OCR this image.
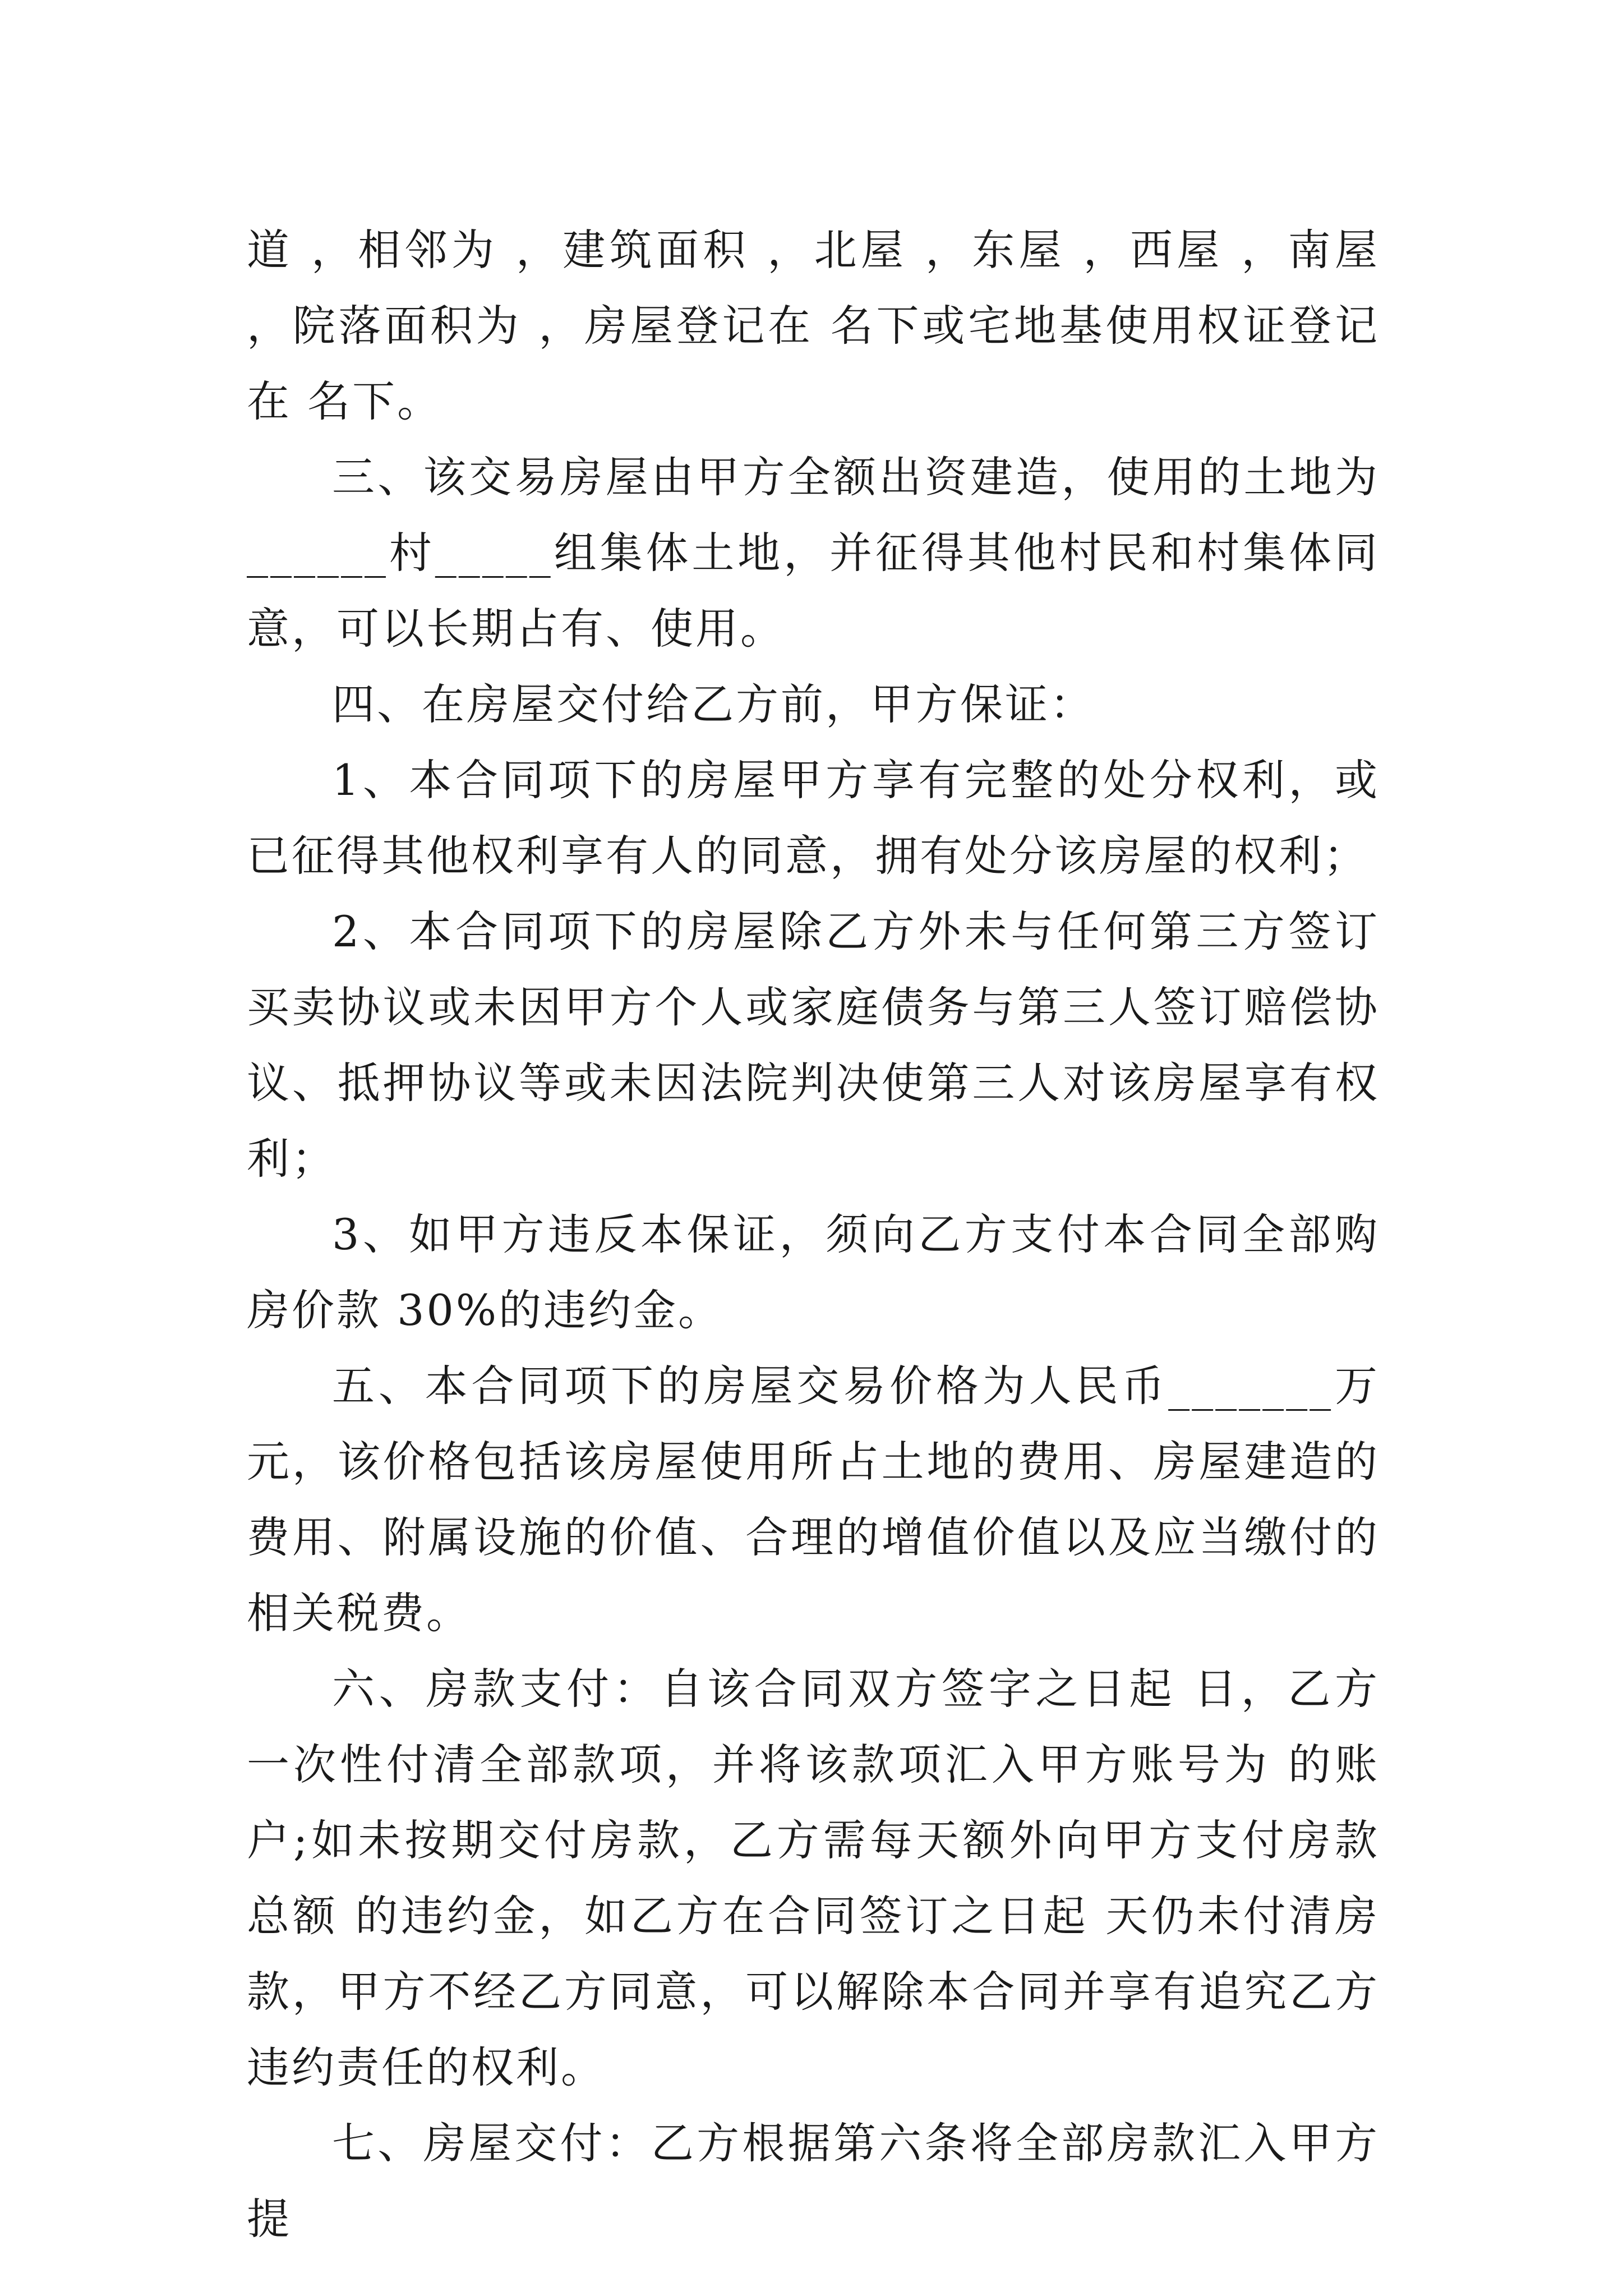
道 ，相邻为 ，建筑面积 ，北屋 ，东屋 ，西屋 ，南屋 ，院落面积为 ，房屋登记在 名下或宅地基使用权证登记在 名下。

三、该交易房屋由甲方全额出资建造，使用的土地为______村_____组集体土地，并征得其他村民和村集体同意，可以长期占有、使用。

四、在房屋交付给乙方前，甲方保证：

1、本合同项下的房屋甲方享有完整的处分权利，或已征得其他权利享有人的同意，拥有处分该房屋的权利；

2、本合同项下的房屋除乙方外未与任何第三方签订买卖协议或未因甲方个人或家庭债务与第三人签订赔偿协议、抵押协议等或未因法院判决使第三人对该房屋享有权利；

3、如甲方违反本保证，须向乙方支付本合同全部购房价款 30%的违约金。

五、本合同项下的房屋交易价格为人民币_______万元，该价格包括该房屋使用所占土地的费用、房屋建造的费用、附属设施的价值、合理的增值价值以及应当缴付的相关税费。

六、房款支付：自该合同双方签字之日起 日，乙方一次性付清全部款项，并将该款项汇入甲方账号为 的账户;如未按期交付房款，乙方需每天额外向甲方支付房款总额 的违约金，如乙方在合同签订之日起 天仍未付清房款，甲方不经乙方同意，可以解除本合同并享有追究乙方违约责任的权利。

七、房屋交付：乙方根据第六条将全部房款汇入甲方提
